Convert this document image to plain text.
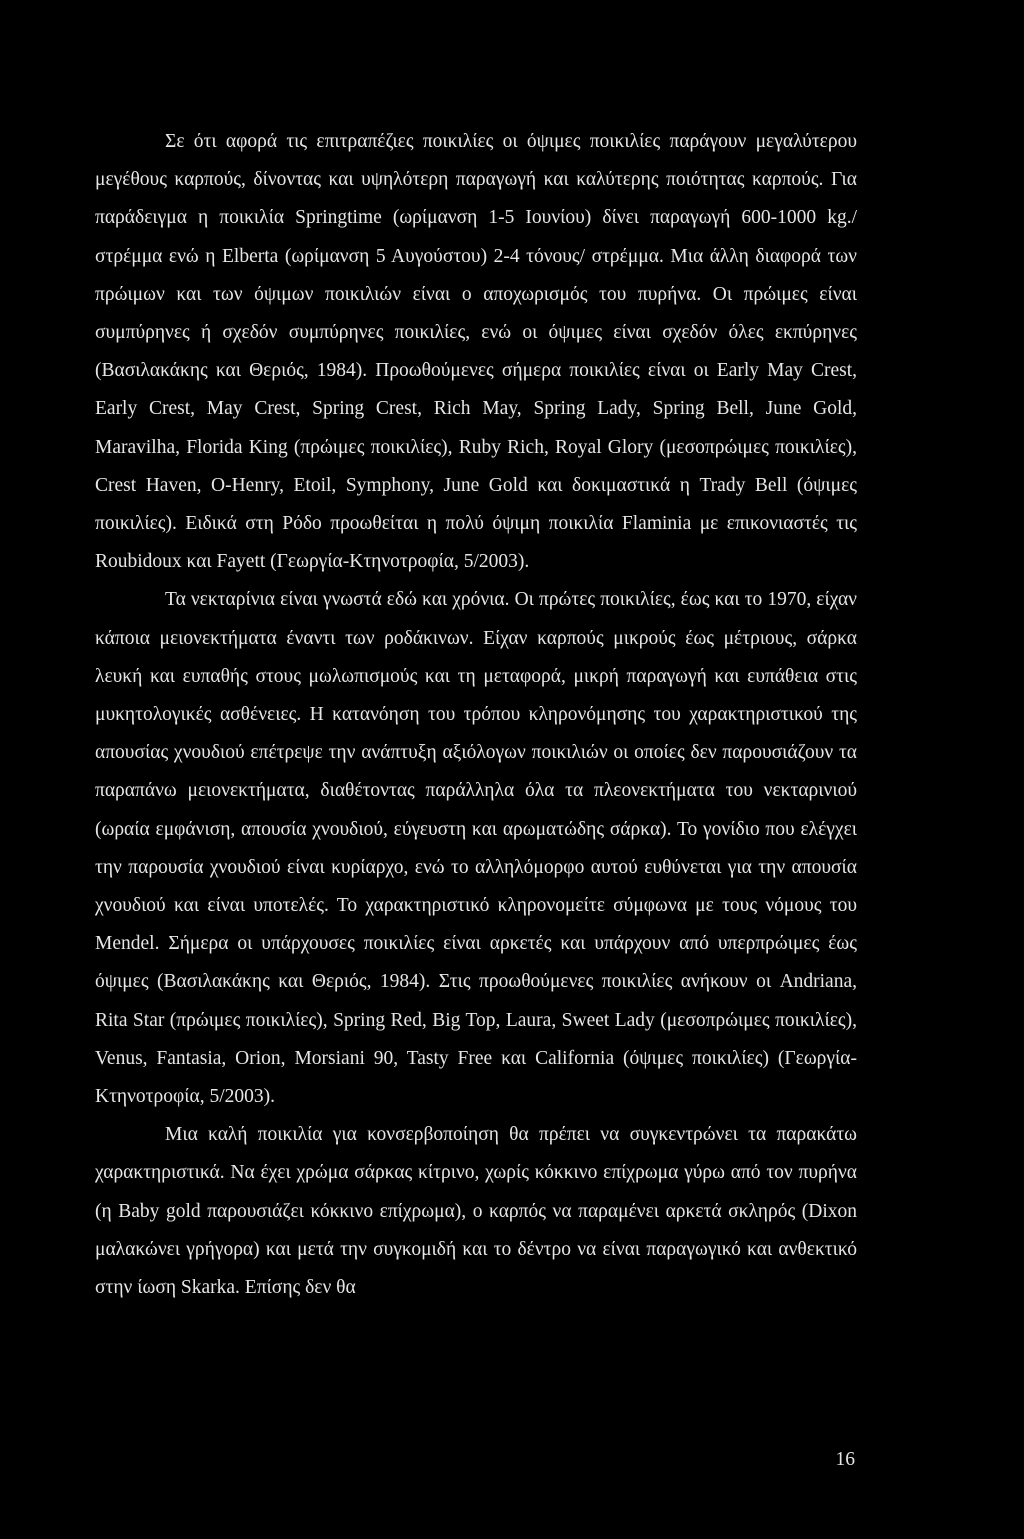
Σε ότι αφορά τις επιτραπέζιες ποικιλίες οι όψιμες ποικιλίες παράγουν μεγαλύτερου μεγέθους καρπούς, δίνοντας και υψηλότερη παραγωγή και καλύτερης ποιότητας καρπούς. Για παράδειγμα η ποικιλία Springtime (ωρίμανση 1-5 Ιουνίου) δίνει παραγωγή 600-1000 kg./ στρέμμα ενώ η Elberta (ωρίμανση 5 Αυγούστου) 2-4 τόνους/ στρέμμα. Μια άλλη διαφορά των πρώιμων και των όψιμων ποικιλιών είναι ο αποχωρισμός του πυρήνα. Οι πρώιμες είναι συμπύρηνες ή σχεδόν συμπύρηνες ποικιλίες, ενώ οι όψιμες είναι σχεδόν όλες εκπύρηνες (Βασιλακάκης και Θεριός, 1984). Προωθούμενες σήμερα ποικιλίες είναι οι Early May Crest, Early Crest, May Crest, Spring Crest, Rich May, Spring Lady, Spring Bell, June Gold, Maravilha, Florida King (πρώιμες ποικιλίες), Ruby Rich, Royal Glory (μεσοπρώιμες ποικιλίες), Crest Haven, O-Henry, Etoil, Symphony, June Gold και δοκιμαστικά η Trady Bell (όψιμες ποικιλίες). Ειδικά στη Ρόδο προωθείται η πολύ όψιμη ποικιλία Flaminia με επικονιαστές τις Roubidoux και Fayett (Γεωργία-Κτηνοτροφία, 5/2003).

Τα νεκταρίνια είναι γνωστά εδώ και χρόνια. Οι πρώτες ποικιλίες, έως και το 1970, είχαν κάποια μειονεκτήματα έναντι των ροδάκινων. Είχαν καρπούς μικρούς έως μέτριους, σάρκα λευκή και ευπαθής στους μωλωπισμούς και τη μεταφορά, μικρή παραγωγή και ευπάθεια στις μυκητολογικές ασθένειες. Η κατανόηση του τρόπου κληρονόμησης του χαρακτηριστικού της απουσίας χνουδιού επέτρεψε την ανάπτυξη αξιόλογων ποικιλιών οι οποίες δεν παρουσιάζουν τα παραπάνω μειονεκτήματα, διαθέτοντας παράλληλα όλα τα πλεονεκτήματα του νεκταρινιού (ωραία εμφάνιση, απουσία χνουδιού, εύγευστη και αρωματώδης σάρκα). Το γονίδιο που ελέγχει την παρουσία χνουδιού είναι κυρίαρχο, ενώ το αλληλόμορφο αυτού ευθύνεται για την απουσία χνουδιού και είναι υποτελές. Το χαρακτηριστικό κληρονομείτε σύμφωνα με τους νόμους του Mendel. Σήμερα οι υπάρχουσες ποικιλίες είναι αρκετές και υπάρχουν από υπερπρώιμες έως όψιμες (Βασιλακάκης και Θεριός, 1984). Στις προωθούμενες ποικιλίες ανήκουν οι Andriana, Rita Star (πρώιμες ποικιλίες), Spring Red, Big Top, Laura, Sweet Lady (μεσοπρώιμες ποικιλίες), Venus, Fantasia, Orion, Morsiani 90, Tasty Free και California (όψιμες ποικιλίες) (Γεωργία-Κτηνοτροφία, 5/2003).

Μια καλή ποικιλία για κονσερβοποίηση θα πρέπει να συγκεντρώνει τα παρακάτω χαρακτηριστικά. Να έχει χρώμα σάρκας κίτρινο, χωρίς κόκκινο επίχρωμα γύρω από τον πυρήνα (η Baby gold παρουσιάζει κόκκινο επίχρωμα), ο καρπός να παραμένει αρκετά σκληρός (Dixon μαλακώνει γρήγορα) και μετά την συγκομιδή και το δέντρο να είναι παραγωγικό και ανθεκτικό στην ίωση Skarka. Επίσης δεν θα

16
